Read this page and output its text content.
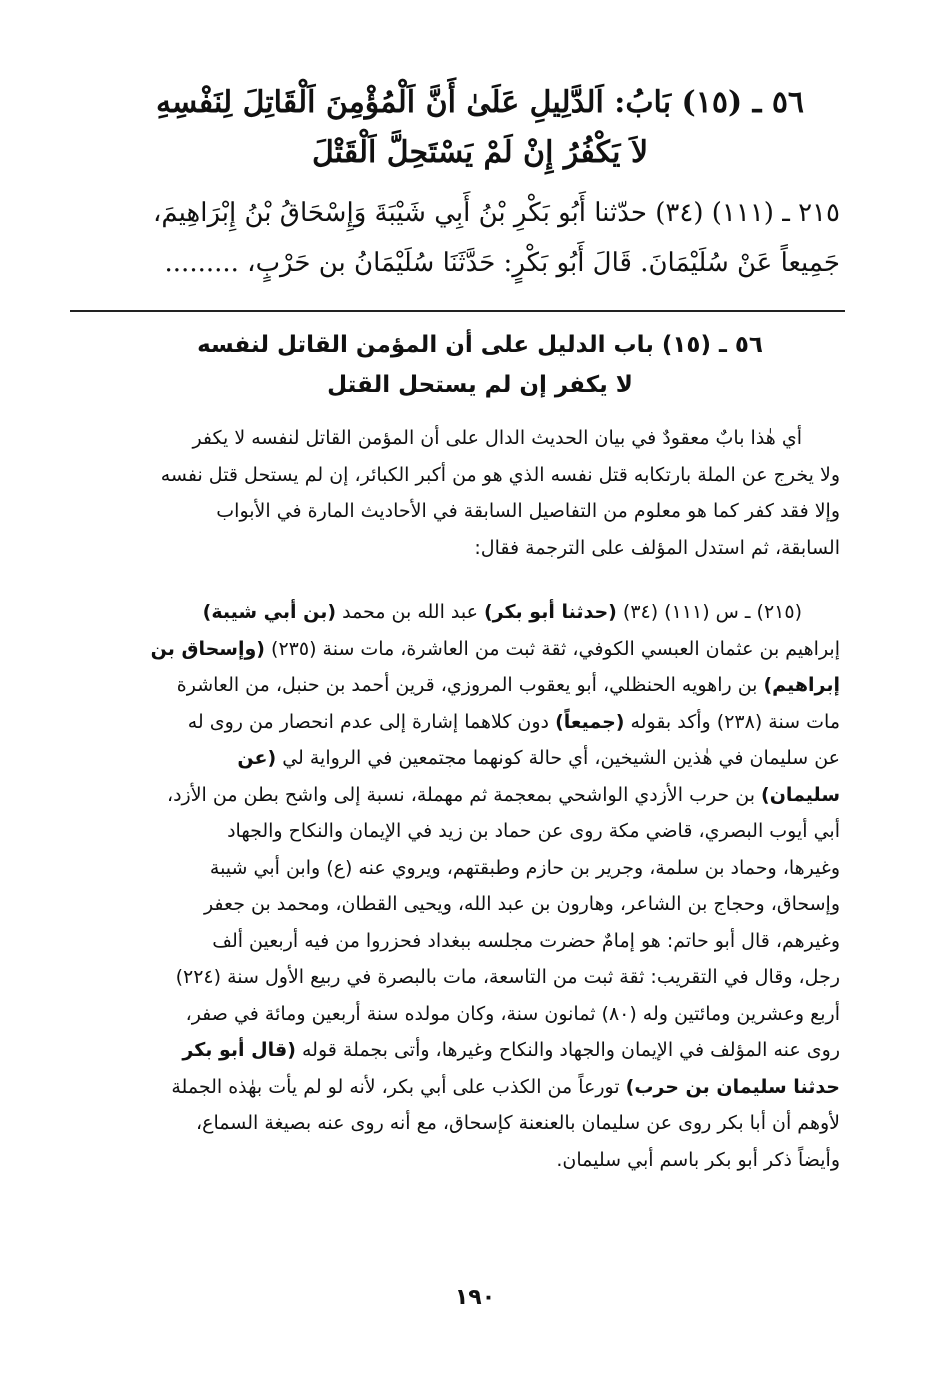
٥٦ ـ (١٥) بَابُ: اَلدَّلِيلِ عَلَىٰ أَنَّ اَلْمُؤْمِنَ اَلْقَاتِلَ لِنَفْسِهِ
لاَ يَكْفُرُ إِنْ لَمْ يَسْتَحِلَّ اَلْقَتْلَ
٢١٥ ـ (١١١) (٣٤) حدّثنا أَبُو بَكْرِ بْنُ أَبِي شَيْبَةَ وَإِسْحَاقُ بْنُ إِبْرَاهِيمَ،
جَمِيعاً عَنْ سُلَيْمَانَ. قَالَ أَبُو بَكْرٍ: حَدَّثَنَا سُلَيْمَانُ بن حَرْبٍ، .........
٥٦ ـ (١٥) باب الدليل على أن المؤمن القاتل لنفسه
لا يكفر إن لم يستحل القتل
أي هٰذا بابٌ معقودٌ في بيان الحديث الدال على أن المؤمن القاتل لنفسه لا يكفر
ولا يخرج عن الملة بارتكابه قتل نفسه الذي هو من أكبر الكبائر، إن لم يستحل قتل نفسه
وإلا فقد كفر كما هو معلوم من التفاصيل السابقة في الأحاديث المارة في الأبواب
السابقة، ثم استدل المؤلف على الترجمة فقال:
(٢١٥) ـ س (١١١) (٣٤) (حدثنا أبو بكر) عبد الله بن محمد (بن أبي شيبة)
إبراهيم بن عثمان العبسي الكوفي، ثقة ثبت من العاشرة، مات سنة (٢٣٥) (وإسحاق بن
إبراهيم) بن راهويه الحنظلي، أبو يعقوب المروزي، قرين أحمد بن حنبل، من العاشرة
مات سنة (٢٣٨) وأكد بقوله (جميعاً) دون كلاهما إشارة إلى عدم انحصار من روى له
عن سليمان في هٰذين الشيخين، أي حالة كونهما مجتمعين في الرواية لي (عن
سليمان) بن حرب الأزدي الواشحي بمعجمة ثم مهملة، نسبة إلى واشح بطن من الأزد،
أبي أيوب البصري، قاضي مكة روى عن حماد بن زيد في الإيمان والنكاح والجهاد
وغيرها، وحماد بن سلمة، وجرير بن حازم وطبقتهم، ويروي عنه (ع) وابن أبي شيبة
وإسحاق، وحجاج بن الشاعر، وهارون بن عبد الله، ويحيى القطان، ومحمد بن جعفر
وغيرهم، قال أبو حاتم: هو إمامٌ حضرت مجلسه ببغداد فحزروا من فيه أربعين ألف
رجل، وقال في التقريب: ثقة ثبت من التاسعة، مات بالبصرة في ربيع الأول سنة (٢٢٤)
أربع وعشرين ومائتين وله (٨٠) ثمانون سنة، وكان مولده سنة أربعين ومائة في صفر،
روى عنه المؤلف في الإيمان والجهاد والنكاح وغيرها، وأتى بجملة قوله (قال أبو بكر
حدثنا سليمان بن حرب) تورعاً من الكذب على أبي بكر، لأنه لو لم يأت بهٰذه الجملة
لأوهم أن أبا بكر روى عن سليمان بالعنعنة كإسحاق، مع أنه روى عنه بصيغة السماع،
وأيضاً ذكر أبو بكر باسم أبي سليمان.
١٩٠
